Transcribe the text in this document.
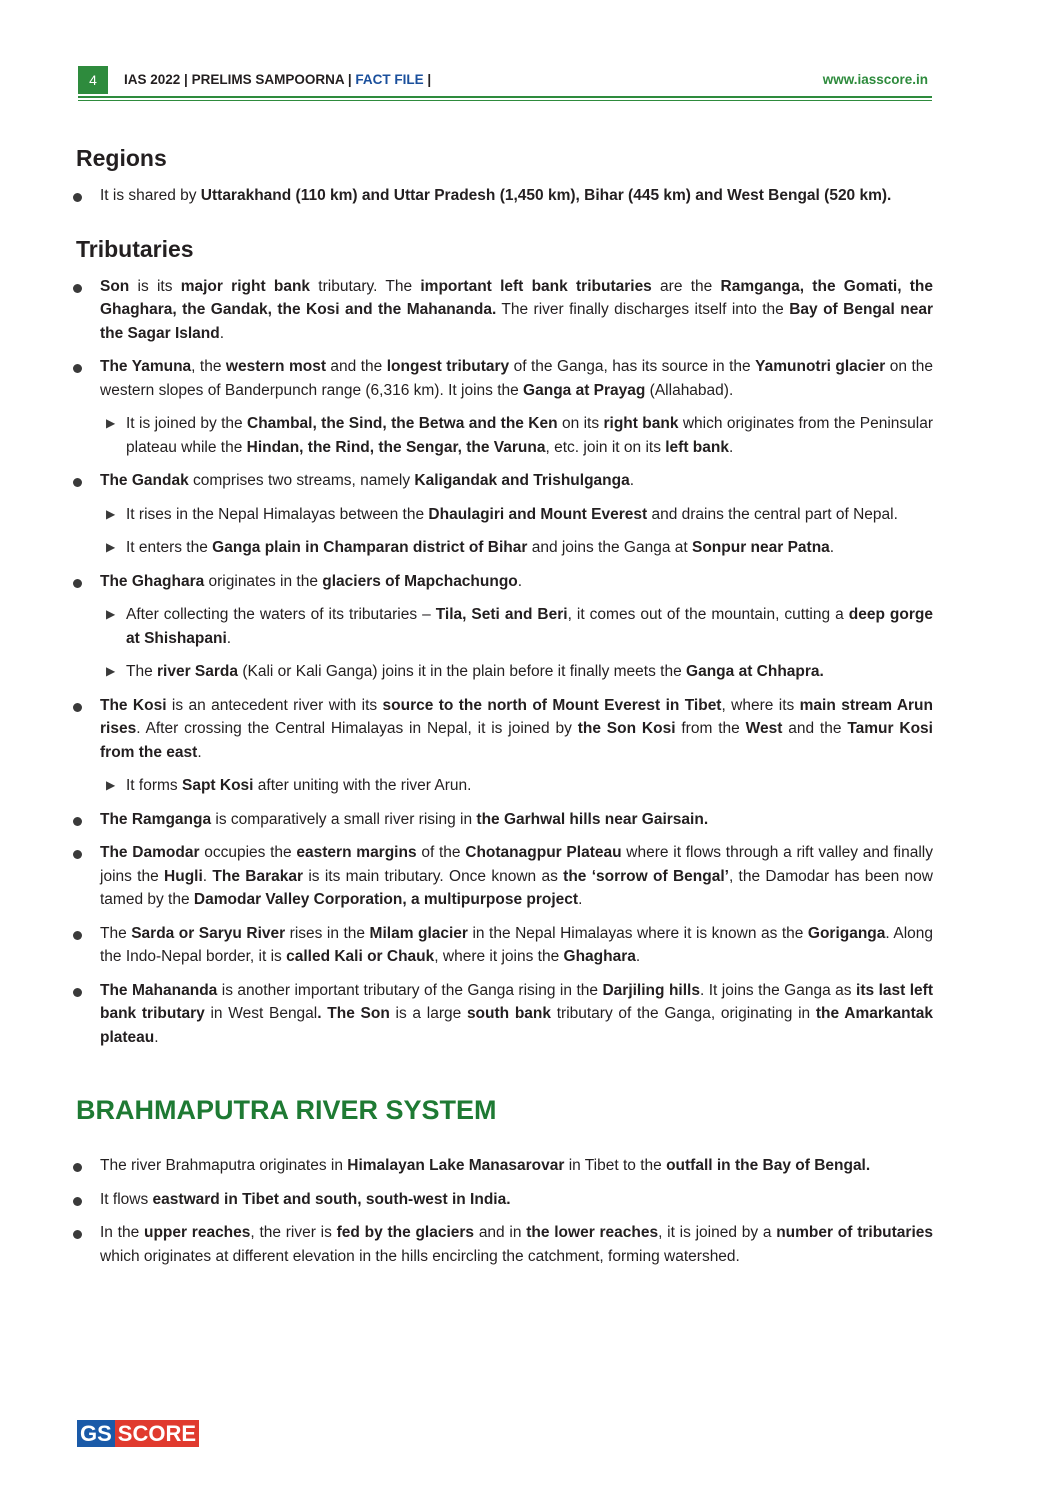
4	IAS 2022 | PRELIMS SAMPOORNA | FACT FILE |	www.iasscore.in
Regions
It is shared by Uttarakhand (110 km) and Uttar Pradesh (1,450 km), Bihar (445 km) and West Bengal (520 km).
Tributaries
Son is its major right bank tributary. The important left bank tributaries are the Ramganga, the Gomati, the Ghaghara, the Gandak, the Kosi and the Mahananda. The river finally discharges itself into the Bay of Bengal near the Sagar Island.
The Yamuna, the western most and the longest tributary of the Ganga, has its source in the Yamunotri glacier on the western slopes of Banderpunch range (6,316 km). It joins the Ganga at Prayag (Allahabad).
▶ It is joined by the Chambal, the Sind, the Betwa and the Ken on its right bank which originates from the Peninsular plateau while the Hindan, the Rind, the Sengar, the Varuna, etc. join it on its left bank.
The Gandak comprises two streams, namely Kaligandak and Trishulganga.
▶ It rises in the Nepal Himalayas between the Dhaulagiri and Mount Everest and drains the central part of Nepal.
▶ It enters the Ganga plain in Champaran district of Bihar and joins the Ganga at Sonpur near Patna.
The Ghaghara originates in the glaciers of Mapchachungo.
▶ After collecting the waters of its tributaries – Tila, Seti and Beri, it comes out of the mountain, cutting a deep gorge at Shishapani.
▶ The river Sarda (Kali or Kali Ganga) joins it in the plain before it finally meets the Ganga at Chhapra.
The Kosi is an antecedent river with its source to the north of Mount Everest in Tibet, where its main stream Arun rises. After crossing the Central Himalayas in Nepal, it is joined by the Son Kosi from the West and the Tamur Kosi from the east.
▶ It forms Sapt Kosi after uniting with the river Arun.
The Ramganga is comparatively a small river rising in the Garhwal hills near Gairsain.
The Damodar occupies the eastern margins of the Chotanagpur Plateau where it flows through a rift valley and finally joins the Hugli. The Barakar is its main tributary. Once known as the ‘sorrow of Bengal’, the Damodar has been now tamed by the Damodar Valley Corporation, a multipurpose project.
The Sarda or Saryu River rises in the Milam glacier in the Nepal Himalayas where it is known as the Goriganga. Along the Indo-Nepal border, it is called Kali or Chauk, where it joins the Ghaghara.
The Mahananda is another important tributary of the Ganga rising in the Darjiling hills. It joins the Ganga as its last left bank tributary in West Bengal. The Son is a large south bank tributary of the Ganga, originating in the Amarkantak plateau.
BRAHMAPUTRA RIVER SYSTEM
The river Brahmaputra originates in Himalayan Lake Manasarovar in Tibet to the outfall in the Bay of Bengal.
It flows eastward in Tibet and south, south-west in India.
In the upper reaches, the river is fed by the glaciers and in the lower reaches, it is joined by a number of tributaries which originates at different elevation in the hills encircling the catchment, forming watershed.
GS SCORE
